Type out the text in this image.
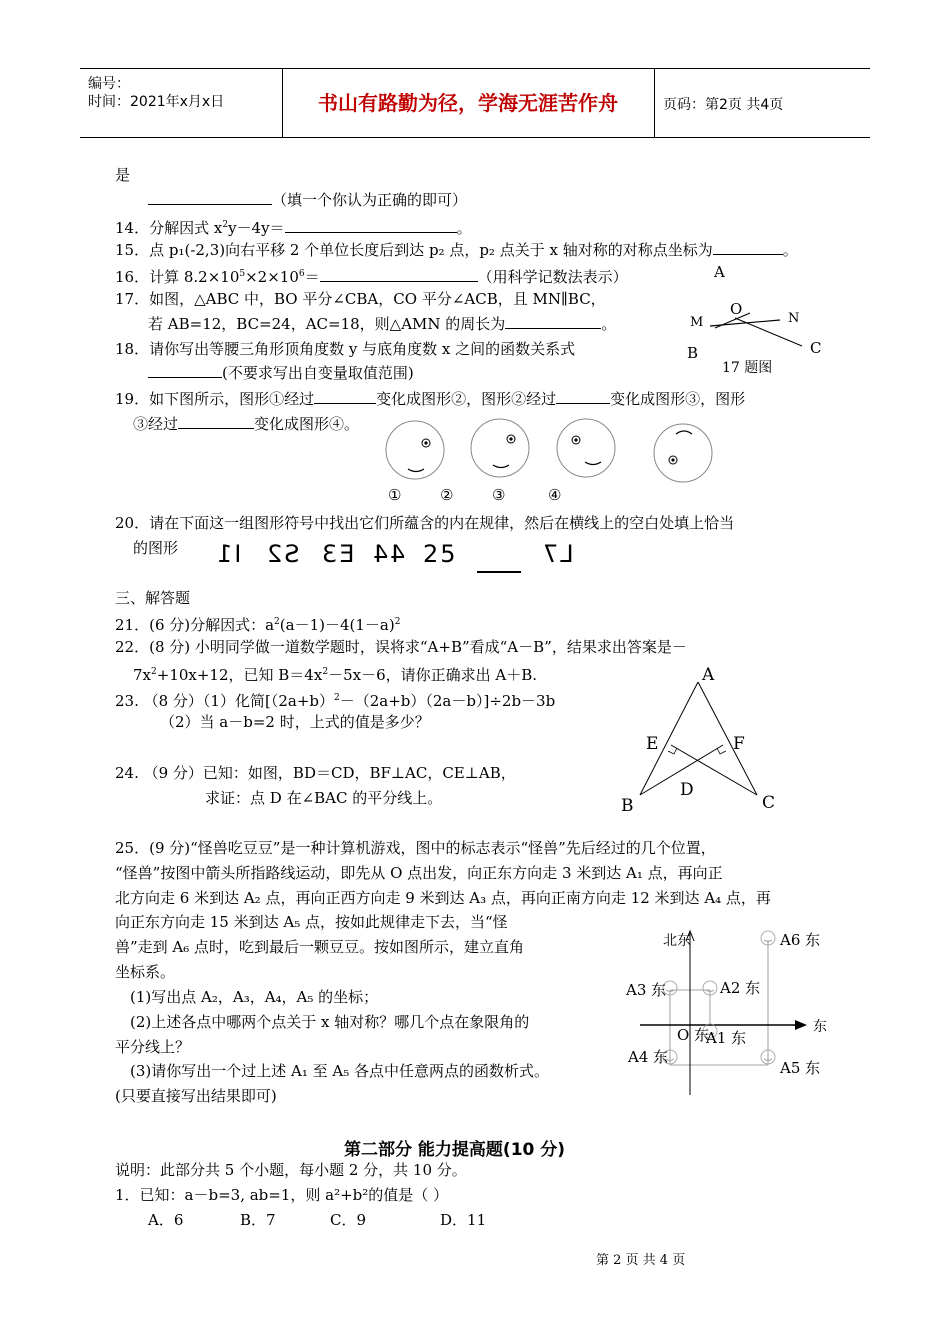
编号：
时间：2021年x月x日	书山有路勤为径，学海无涯苦作舟	页码：第2页 共4页
是
（填一个你认为正确的即可）
14．分解因式 $x^2y-4y=$	。
15．点 p₁(-2,3)向右平移 2 个单位长度后到达 p₂ 点，p₂ 点关于 x 轴对称的对称点坐标为	。
16．计算 $8.2\times 10^5\times 2\times 10^6=$	（用科学记数法表示）
17．如图，△ABC 中，BO 平分∠CBA，CO 平分∠ACB，且 MN∥BC，
若 AB=12，BC=24，AC=18，则△AMN 的周长为	。
A
M
O
N
B	C
17 题图
18．请你写出等腰三角形顶角度数 y 与底角度数 x 之间的函数关系式
(不要求写出自变量取值范围)
19．如下图所示，图形①经过	变化成图形②，图形②经过	变化成图形③，图形
③经过	变化成图形④。
①	②	③	④
20．请在下面这一组图形符号中找出它们所蕴含的内在规律，然后在横线上的空白处填上恰当
的图形 I1 S2 E3 44 25	L7
三、解答题
21．(6 分)分解因式：$a^2(a-1)-4(1-a)^2$
22．(8 分) 小明同学做一道数学题时，误将求“A+B”看成“A－B”，结果求出答案是－
$7x^2+10x+12$，已知 $B=4x^2-5x-6$，请你正确求出 A＋B.
23. （8 分）（1）化简$[(2a+b)^2-(2a+b)(2a-b)]\div 2b-3b$
（2）当 a－b=2 时，上式的值是多少？
24. （9 分）已知：如图，BD＝CD，BF⊥AC，CE⊥AB，
求证：点 D 在∠BAC 的平分线上。
A
E	F
D
B	C
25．(9 分)“怪兽吃豆豆”是一种计算机游戏，图中的标志表示“怪兽”先后经过的几个位置，
“怪兽”按图中箭头所指路线运动，即先从 O 点出发，向正东方向走 3 米到达 A₁ 点，再向正
北方向走 6 米到达 A₂ 点，再向正西方向走 9 米到达 A₃ 点，再向正南方向走 12 米到达 A₄ 点，再
向正东方向走 15 米到达 A₅ 点，按如此规律走下去，当“怪
兽”走到 A₆ 点时，吃到最后一颗豆豆。按如图所示，建立直角
坐标系。
(1)写出点 A₂，A₃，A₄，A₅ 的坐标；
(2)上述各点中哪两个点关于 x 轴对称？哪几个点在象限角的
平分线上？
(3)请你写出一个过上述 A₁ 至 A₅ 各点中任意两点的函数析式。
(只要直接写出结果即可)
北东	A6 东
A2 东
A3 东
东
O 东
A1 东
A4 东
A5 东
第二部分 能力提高题(10 分)
说明：此部分共 5 个小题，每小题 2 分，共 10 分。
1．已知：a－b=3, ab=1，则 a²+b²的值是（ ）
A．6	B．7	C．9	D．11
第 2 页 共 4 页
